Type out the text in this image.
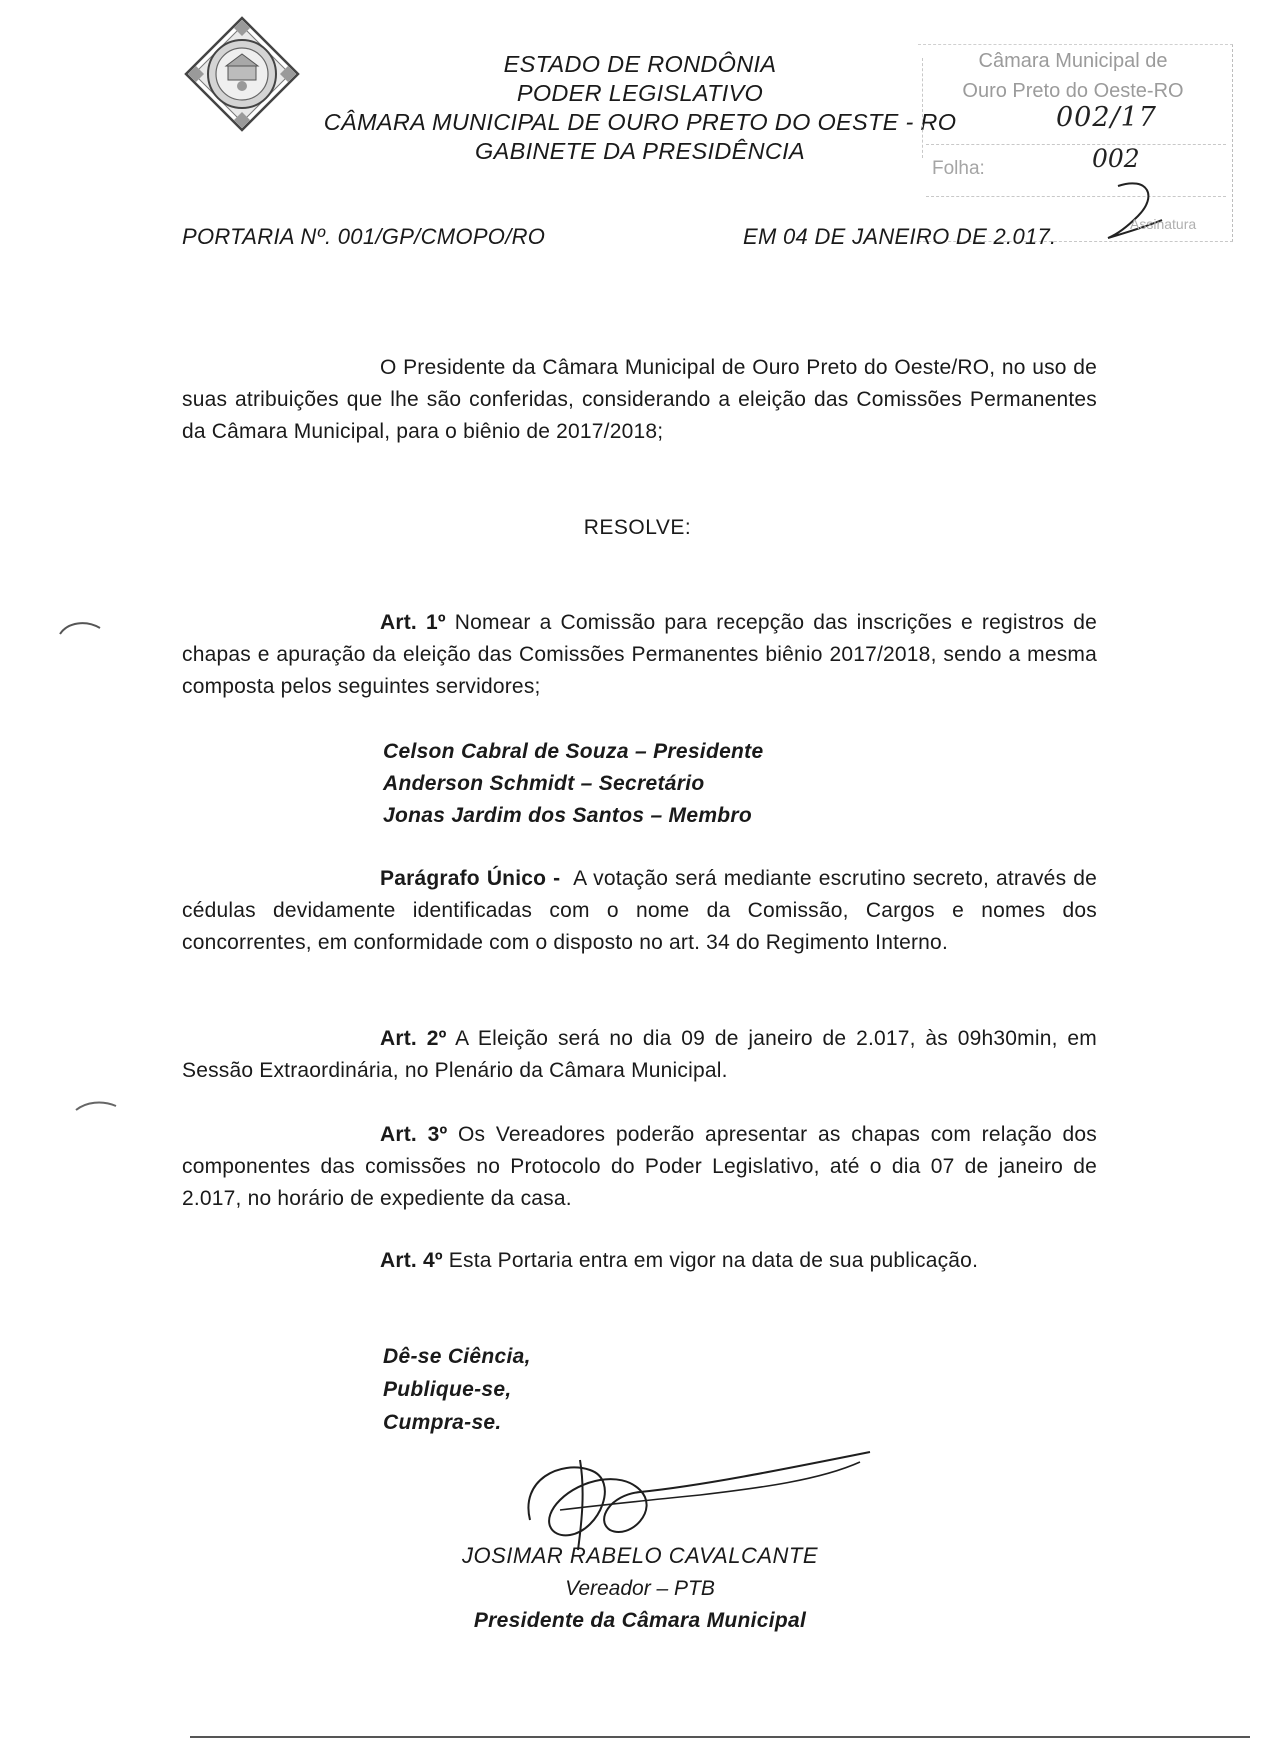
ESTADO DE RONDÔNIA
PODER LEGISLATIVO
CÂMARA MUNICIPAL DE OURO PRETO DO OESTE - RO
GABINETE DA PRESIDÊNCIA
Câmara Municipal de
Ouro Preto do Oeste-RO
002/17
Folha:	002
Assinatura
PORTARIA Nº. 001/GP/CMOPO/RO	EM 04 DE JANEIRO DE 2.017.
O Presidente da Câmara Municipal de Ouro Preto do Oeste/RO, no uso de suas atribuições que lhe são conferidas, considerando a eleição das Comissões Permanentes da Câmara Municipal, para o biênio de 2017/2018;
RESOLVE:
Art. 1º Nomear a Comissão para recepção das inscrições e registros de chapas e apuração da eleição das Comissões Permanentes biênio 2017/2018, sendo a mesma composta pelos seguintes servidores;
Celson Cabral de Souza – Presidente
Anderson Schmidt – Secretário
Jonas Jardim dos Santos – Membro
Parágrafo Único - A votação será mediante escrutino secreto, através de cédulas devidamente identificadas com o nome da Comissão, Cargos e nomes dos concorrentes, em conformidade com o disposto no art. 34 do Regimento Interno.
Art. 2º A Eleição será no dia 09 de janeiro de 2.017, às 09h30min, em Sessão Extraordinária, no Plenário da Câmara Municipal.
Art. 3º Os Vereadores poderão apresentar as chapas com relação dos componentes das comissões no Protocolo do Poder Legislativo, até o dia 07 de janeiro de 2.017, no horário de expediente da casa.
Art. 4º Esta Portaria entra em vigor na data de sua publicação.
Dê-se Ciência,
Publique-se,
Cumpra-se.
JOSIMAR RABELO CAVALCANTE
Vereador – PTB
Presidente da Câmara Municipal
